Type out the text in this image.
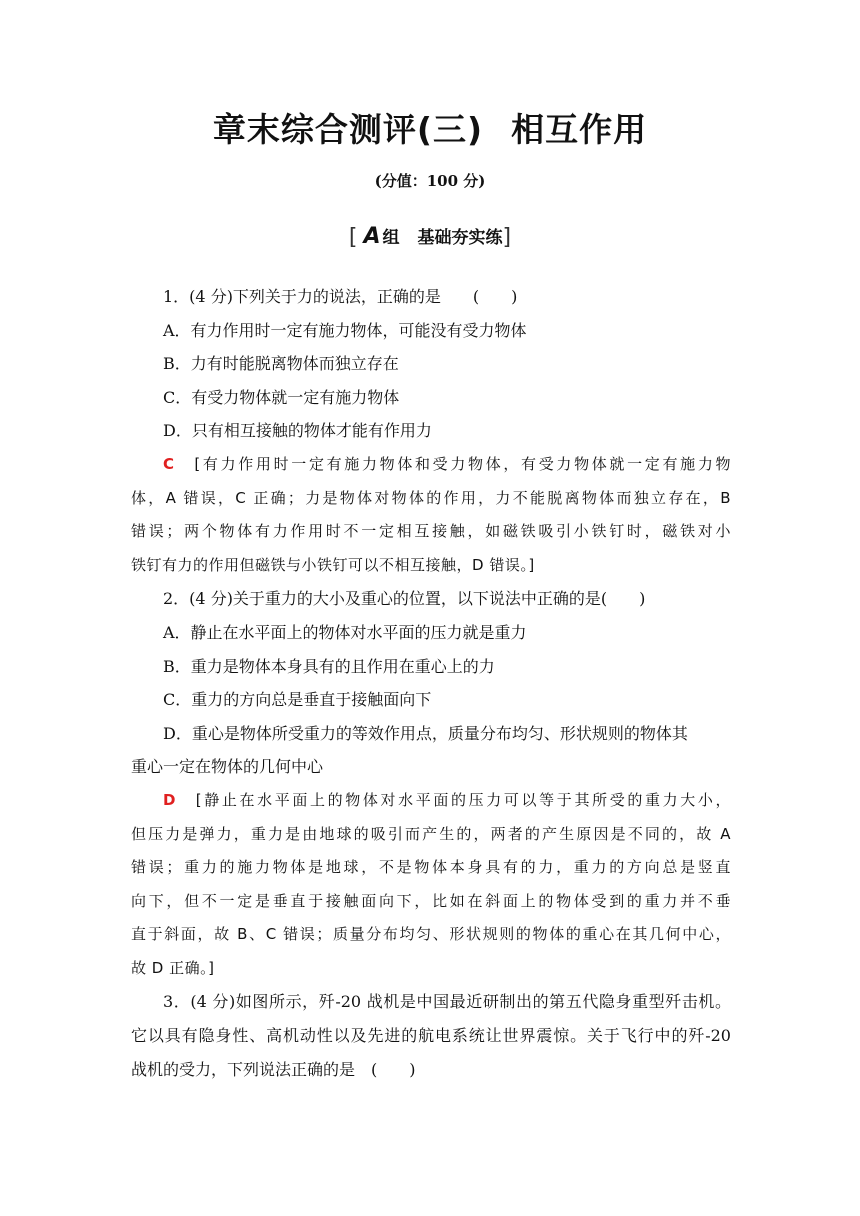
章末综合测评(三) 相互作用
(分值：100 分)
[ A 组 基础夯实练]
1．(4 分)下列关于力的说法，正确的是　　(　　)
A．有力作用时一定有施力物体，可能没有受力物体
B．力有时能脱离物体而独立存在
C．有受力物体就一定有施力物体
D．只有相互接触的物体才能有作用力
C　 [有力作用时一定有施力物体和受力物体，有受力物体就一定有施力物
体，A 错误，C 正确；力是物体对物体的作用，力不能脱离物体而独立存在，B
错误；两个物体有力作用时不一定相互接触，如磁铁吸引小铁钉时，磁铁对小
铁钉有力的作用但磁铁与小铁钉可以不相互接触，D 错误。]
2．(4 分)关于重力的大小及重心的位置，以下说法中正确的是(　　)
A．静止在水平面上的物体对水平面的压力就是重力
B．重力是物体本身具有的且作用在重心上的力
C．重力的方向总是垂直于接触面向下
D．重心是物体所受重力的等效作用点，质量分布均匀、形状规则的物体其
重心一定在物体的几何中心
D　 [静止在水平面上的物体对水平面的压力可以等于其所受的重力大小，
但压力是弹力，重力是由地球的吸引而产生的，两者的产生原因是不同的，故 A
错误；重力的施力物体是地球，不是物体本身具有的力，重力的方向总是竖直
向下，但不一定是垂直于接触面向下，比如在斜面上的物体受到的重力并不垂
直于斜面，故 B、C 错误；质量分布均匀、形状规则的物体的重心在其几何中心，
故 D 正确。]
3．(4 分)如图所示，歼-20 战机是中国最近研制出的第五代隐身重型歼击机。
它以具有隐身性、高机动性以及先进的航电系统让世界震惊。关于飞行中的歼-20
战机的受力，下列说法正确的是　(　　)
